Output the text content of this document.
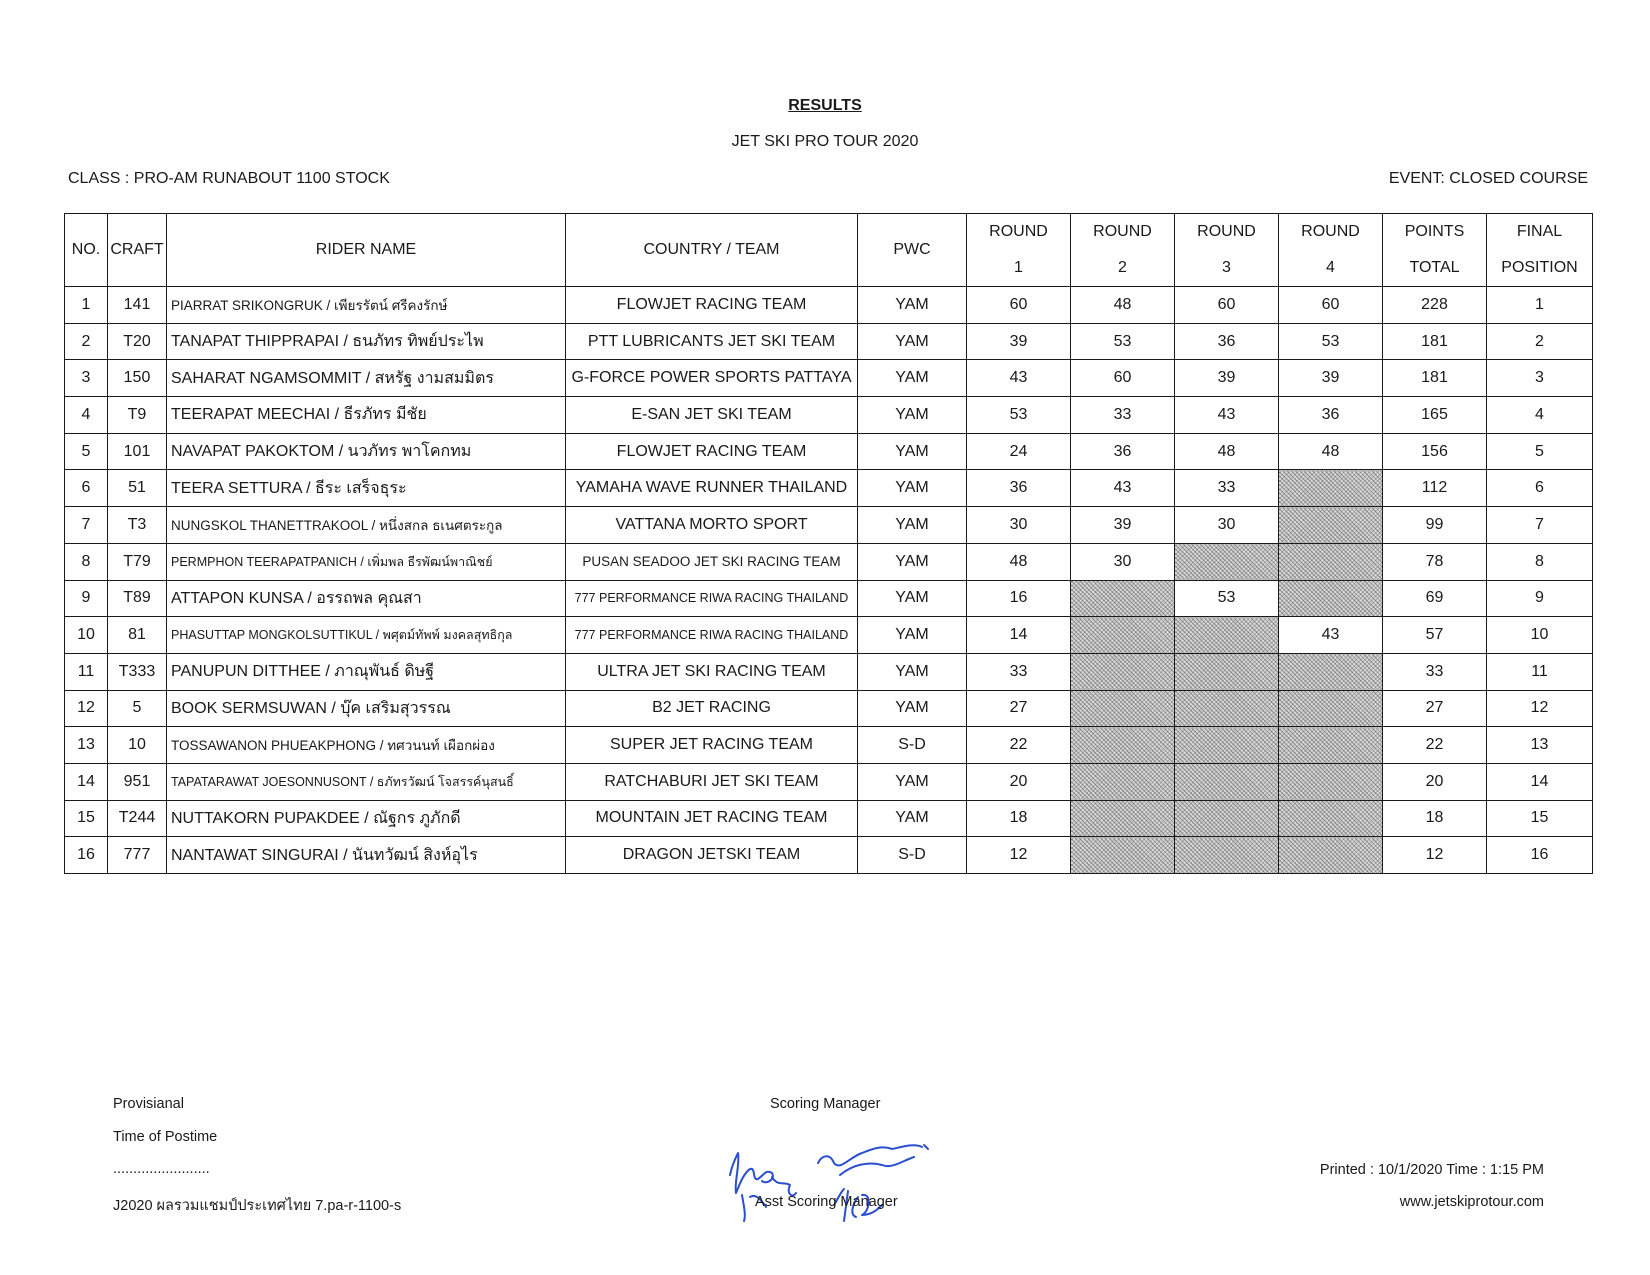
RESULTS
JET SKI PRO TOUR 2020
CLASS : PRO-AM RUNABOUT 1100 STOCK	EVENT: CLOSED COURSE
NO.	CRAFT	RIDER NAME	COUNTRY / TEAM	PWC	ROUND	ROUND	ROUND	ROUND	POINTS	FINAL
					1	2	3	4	TOTAL	POSITION
1	141	PIARRAT SRIKONGRUK / เพียรรัตน์ ศรีคงรักษ์	FLOWJET RACING TEAM	YAM	60	48	60	60	228	1
2	T20	TANAPAT THIPPRAPAI / ธนภัทร ทิพย์ประไพ	PTT LUBRICANTS JET SKI TEAM	YAM	39	53	36	53	181	2
3	150	SAHARAT NGAMSOMMIT / สหรัฐ งามสมมิตร	G-FORCE POWER SPORTS PATTAYA	YAM	43	60	39	39	181	3
4	T9	TEERAPAT MEECHAI / ธีรภัทร มีชัย	E-SAN JET SKI TEAM	YAM	53	33	43	36	165	4
5	101	NAVAPAT PAKOKTOM / นวภัทร พาโคกทม	FLOWJET RACING TEAM	YAM	24	36	48	48	156	5
6	51	TEERA SETTURA / ธีระ เสร็จธุระ	YAMAHA WAVE RUNNER THAILAND	YAM	36	43	33		112	6
7	T3	NUNGSKOL THANETTRAKOOL / หนึ่งสกล ธเนศตระกูล	VATTANA MORTO SPORT	YAM	30	39	30		99	7
8	T79	PERMPHON TEERAPATPANICH / เพิ่มพล ธีรพัฒน์พาณิชย์	PUSAN SEADOO JET SKI RACING TEAM	YAM	48	30			78	8
9	T89	ATTAPON KUNSA / อรรถพล คุณสา	777 PERFORMANCE RIWA RACING THAILAND	YAM	16		53		69	9
10	81	PHASUTTAP MONGKOLSUTTIKUL / พศุตม์ทัพพ์ มงคลสุทธิกุล	777 PERFORMANCE RIWA RACING THAILAND	YAM	14			43	57	10
11	T333	PANUPUN DITTHEE / ภาณุพันธ์ ดิษฐี	ULTRA JET SKI RACING TEAM	YAM	33				33	11
12	5	BOOK SERMSUWAN / บุ๊ค เสริมสุวรรณ	B2 JET RACING	YAM	27				27	12
13	10	TOSSAWANON PHUEAKPHONG / ทศวนนท์ เผือกผ่อง	SUPER JET RACING TEAM	S-D	22				22	13
14	951	TAPATARAWAT JOESONNUSONT / ธภัทรวัฒน์ โจสรรค์นุสนธิ์	RATCHABURI JET SKI TEAM	YAM	20				20	14
15	T244	NUTTAKORN PUPAKDEE / ณัฐกร ภูภักดี	MOUNTAIN JET RACING TEAM	YAM	18				18	15
16	777	NANTAWAT SINGURAI / นันทวัฒน์ สิงห์อุไร	DRAGON JETSKI TEAM	S-D	12				12	16
Provisianal
Time of Postime
........................
J2020 ผลรวมแชมป์ประเทศไทย 7.pa-r-1100-s
Scoring Manager
Asst Scoring Manager
Printed : 10/1/2020 Time : 1:15 PM
www.jetskiprotour.com
